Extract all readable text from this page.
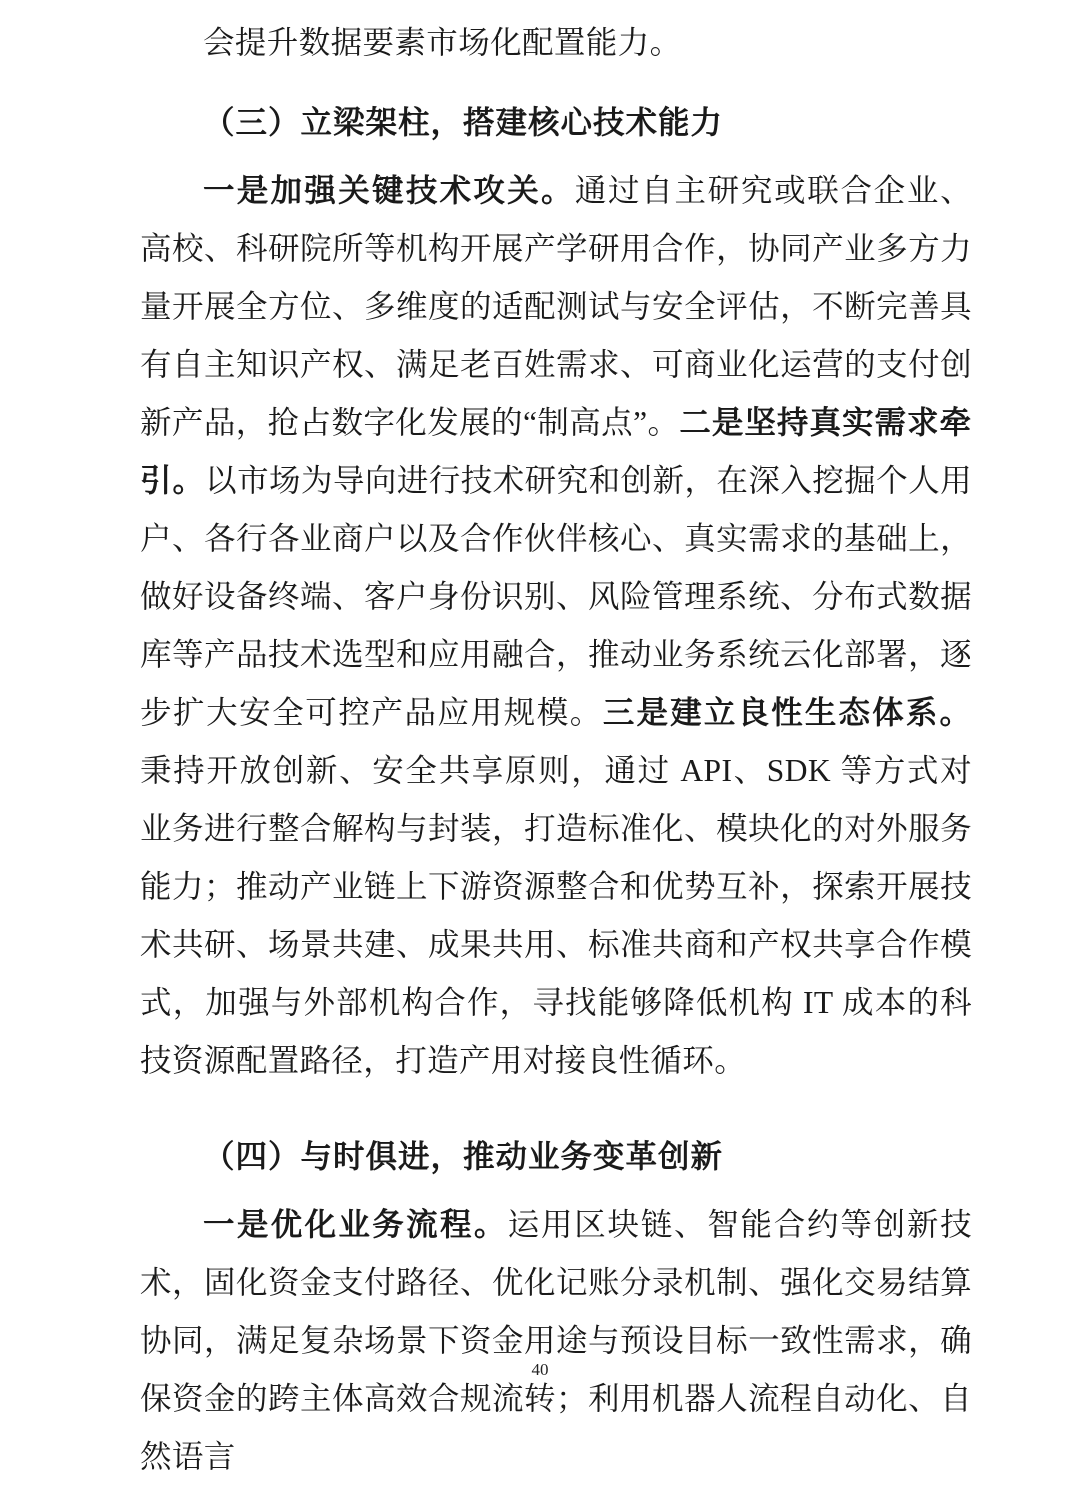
会提升数据要素市场化配置能力。

（三）立梁架柱，搭建核心技术能力

一是加强关键技术攻关。通过自主研究或联合企业、高校、科研院所等机构开展产学研用合作，协同产业多方力量开展全方位、多维度的适配测试与安全评估，不断完善具有自主知识产权、满足老百姓需求、可商业化运营的支付创新产品，抢占数字化发展的“制高点”。二是坚持真实需求牵引。以市场为导向进行技术研究和创新，在深入挖掘个人用户、各行各业商户以及合作伙伴核心、真实需求的基础上，做好设备终端、客户身份识别、风险管理系统、分布式数据库等产品技术选型和应用融合，推动业务系统云化部署，逐步扩大安全可控产品应用规模。三是建立良性生态体系。秉持开放创新、安全共享原则，通过 API、SDK 等方式对业务进行整合解构与封装，打造标准化、模块化的对外服务能力；推动产业链上下游资源整合和优势互补，探索开展技术共研、场景共建、成果共用、标准共商和产权共享合作模式，加强与外部机构合作，寻找能够降低机构 IT 成本的科技资源配置路径，打造产用对接良性循环。

（四）与时俱进，推动业务变革创新

一是优化业务流程。运用区块链、智能合约等创新技术，固化资金支付路径、优化记账分录机制、强化交易结算协同，满足复杂场景下资金用途与预设目标一致性需求，确保资金的跨主体高效合规流转；利用机器人流程自动化、自然语言

40
